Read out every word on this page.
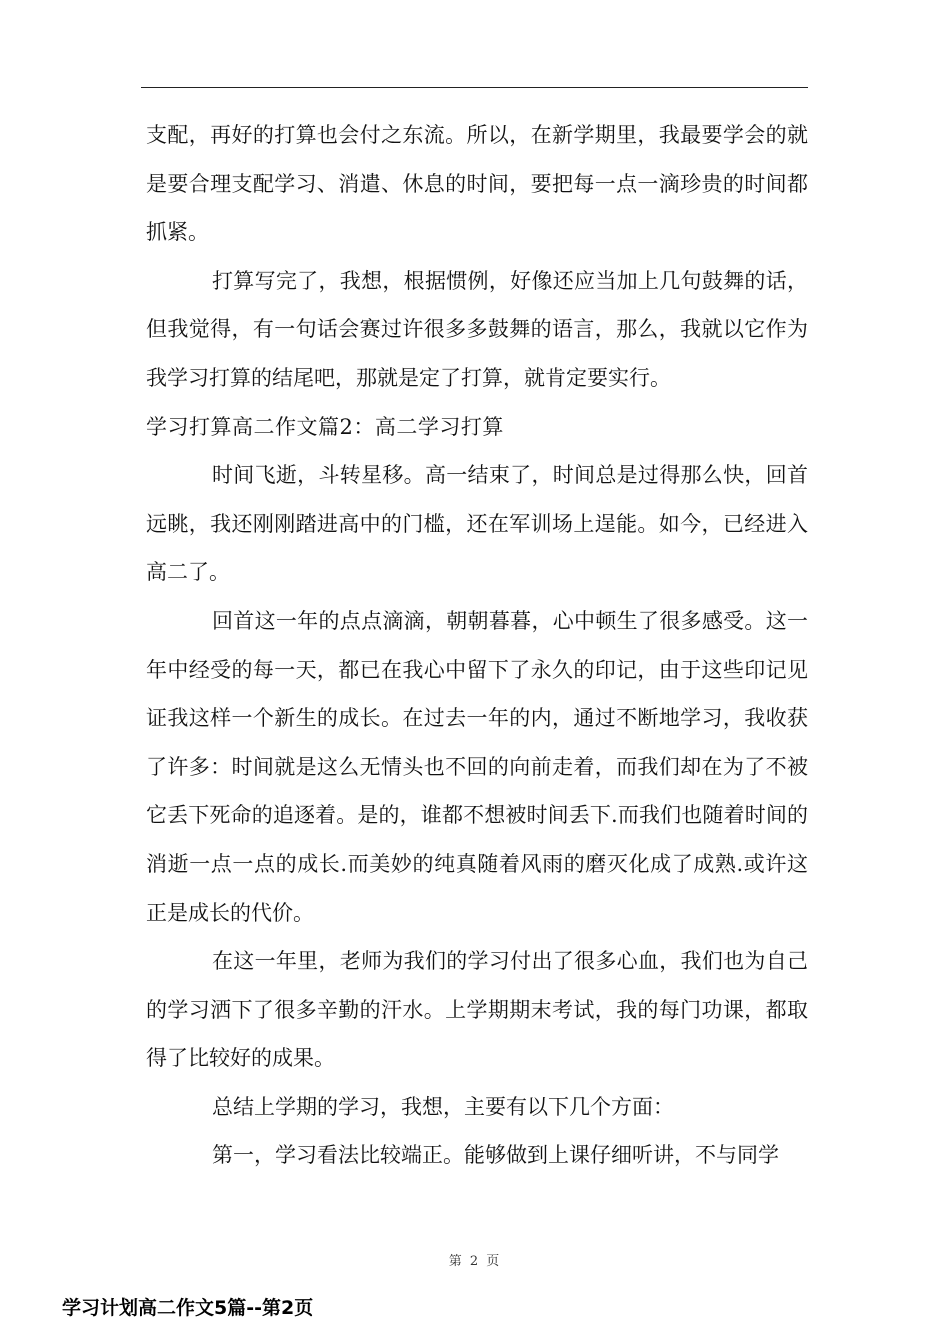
支配，再好的打算也会付之东流。所以，在新学期里，我最要学会的就是要合理支配学习、消遣、休息的时间，要把每一点一滴珍贵的时间都抓紧。

打算写完了，我想，根据惯例，好像还应当加上几句鼓舞的话，但我觉得，有一句话会赛过许很多多鼓舞的语言，那么，我就以它作为我学习打算的结尾吧，那就是定了打算，就肯定要实行。

学习打算高二作文篇2：高二学习打算

时间飞逝，斗转星移。高一结束了，时间总是过得那么快，回首远眺，我还刚刚踏进高中的门槛，还在军训场上逞能。如今，已经进入高二了。

回首这一年的点点滴滴，朝朝暮暮，心中顿生了很多感受。这一年中经受的每一天，都已在我心中留下了永久的印记，由于这些印记见证我这样一个新生的成长。在过去一年的内，通过不断地学习，我收获了许多：时间就是这么无情头也不回的向前走着，而我们却在为了不被它丢下死命的追逐着。是的，谁都不想被时间丢下.而我们也随着时间的消逝一点一点的成长.而美妙的纯真随着风雨的磨灭化成了成熟.或许这正是成长的代价。

在这一年里，老师为我们的学习付出了很多心血，我们也为自己的学习洒下了很多辛勤的汗水。上学期期末考试，我的每门功课，都取得了比较好的成果。

总结上学期的学习，我想，主要有以下几个方面：

第一，学习看法比较端正。能够做到上课仔细听讲，不与同学

第 2 页
学习计划高二作文5篇--第2页
